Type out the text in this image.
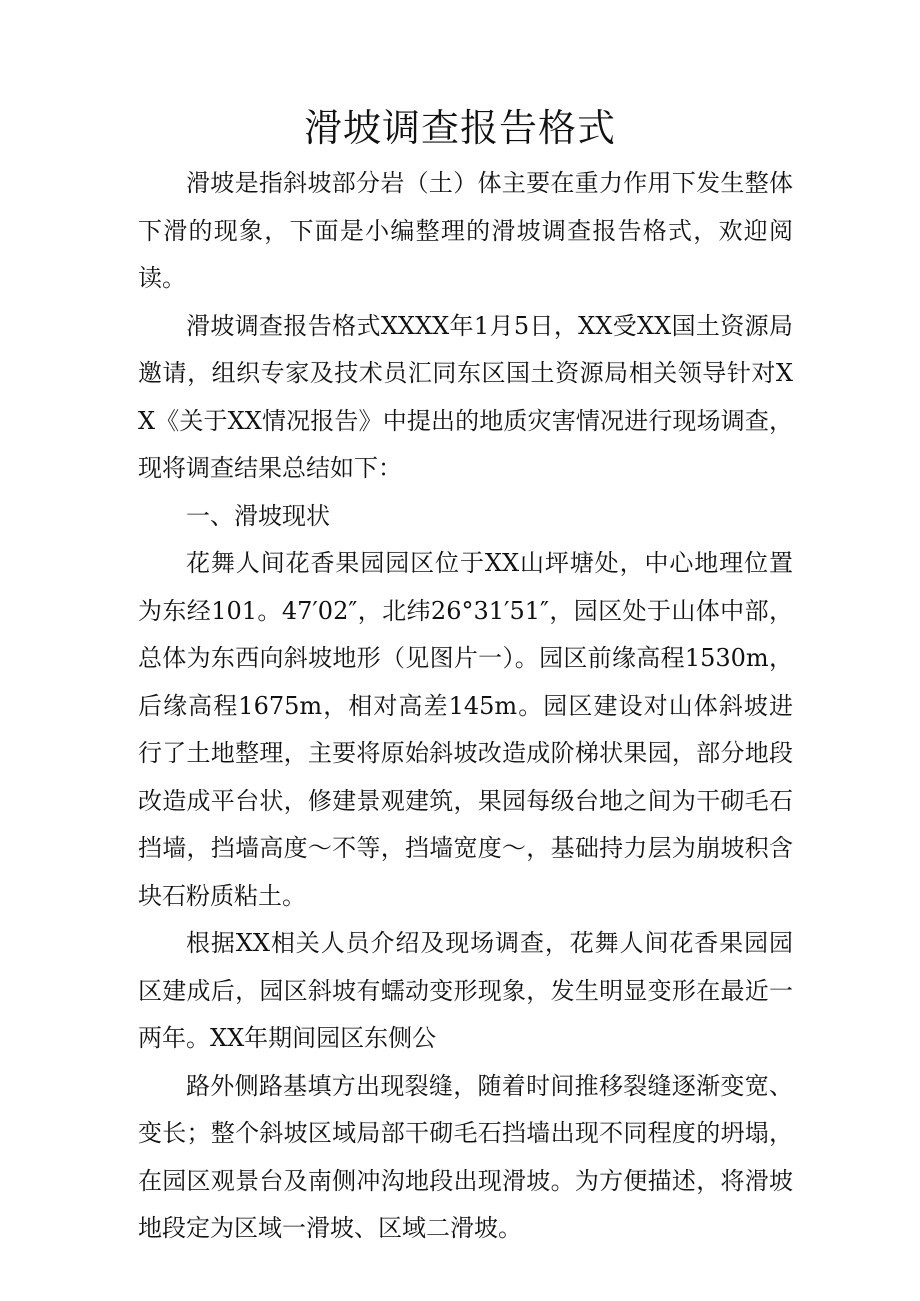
滑坡调查报告格式

滑坡是指斜坡部分岩（土）体主要在重力作用下发生整体下滑的现象，下面是小编整理的滑坡调查报告格式，欢迎阅读。

滑坡调查报告格式XXXX年1月5日，XX受XX国土资源局邀请，组织专家及技术员汇同东区国土资源局相关领导针对XX《关于XX情况报告》中提出的地质灾害情况进行现场调查，现将调查结果总结如下：

一、滑坡现状

花舞人间花香果园园区位于XX山坪塘处，中心地理位置为东经101。47′02″，北纬26°31′51″，园区处于山体中部，总体为东西向斜坡地形（见图片一）。园区前缘高程1530m，后缘高程1675m，相对高差145m。园区建设对山体斜坡进行了土地整理，主要将原始斜坡改造成阶梯状果园，部分地段改造成平台状，修建景观建筑，果园每级台地之间为干砌毛石挡墙，挡墙高度～不等，挡墙宽度～，基础持力层为崩坡积含块石粉质粘土。

根据XX相关人员介绍及现场调查，花舞人间花香果园园区建成后，园区斜坡有蠕动变形现象，发生明显变形在最近一两年。XX年期间园区东侧公

路外侧路基填方出现裂缝，随着时间推移裂缝逐渐变宽、变长；整个斜坡区域局部干砌毛石挡墙出现不同程度的坍塌，在园区观景台及南侧冲沟地段出现滑坡。为方便描述，将滑坡地段定为区域一滑坡、区域二滑坡。
